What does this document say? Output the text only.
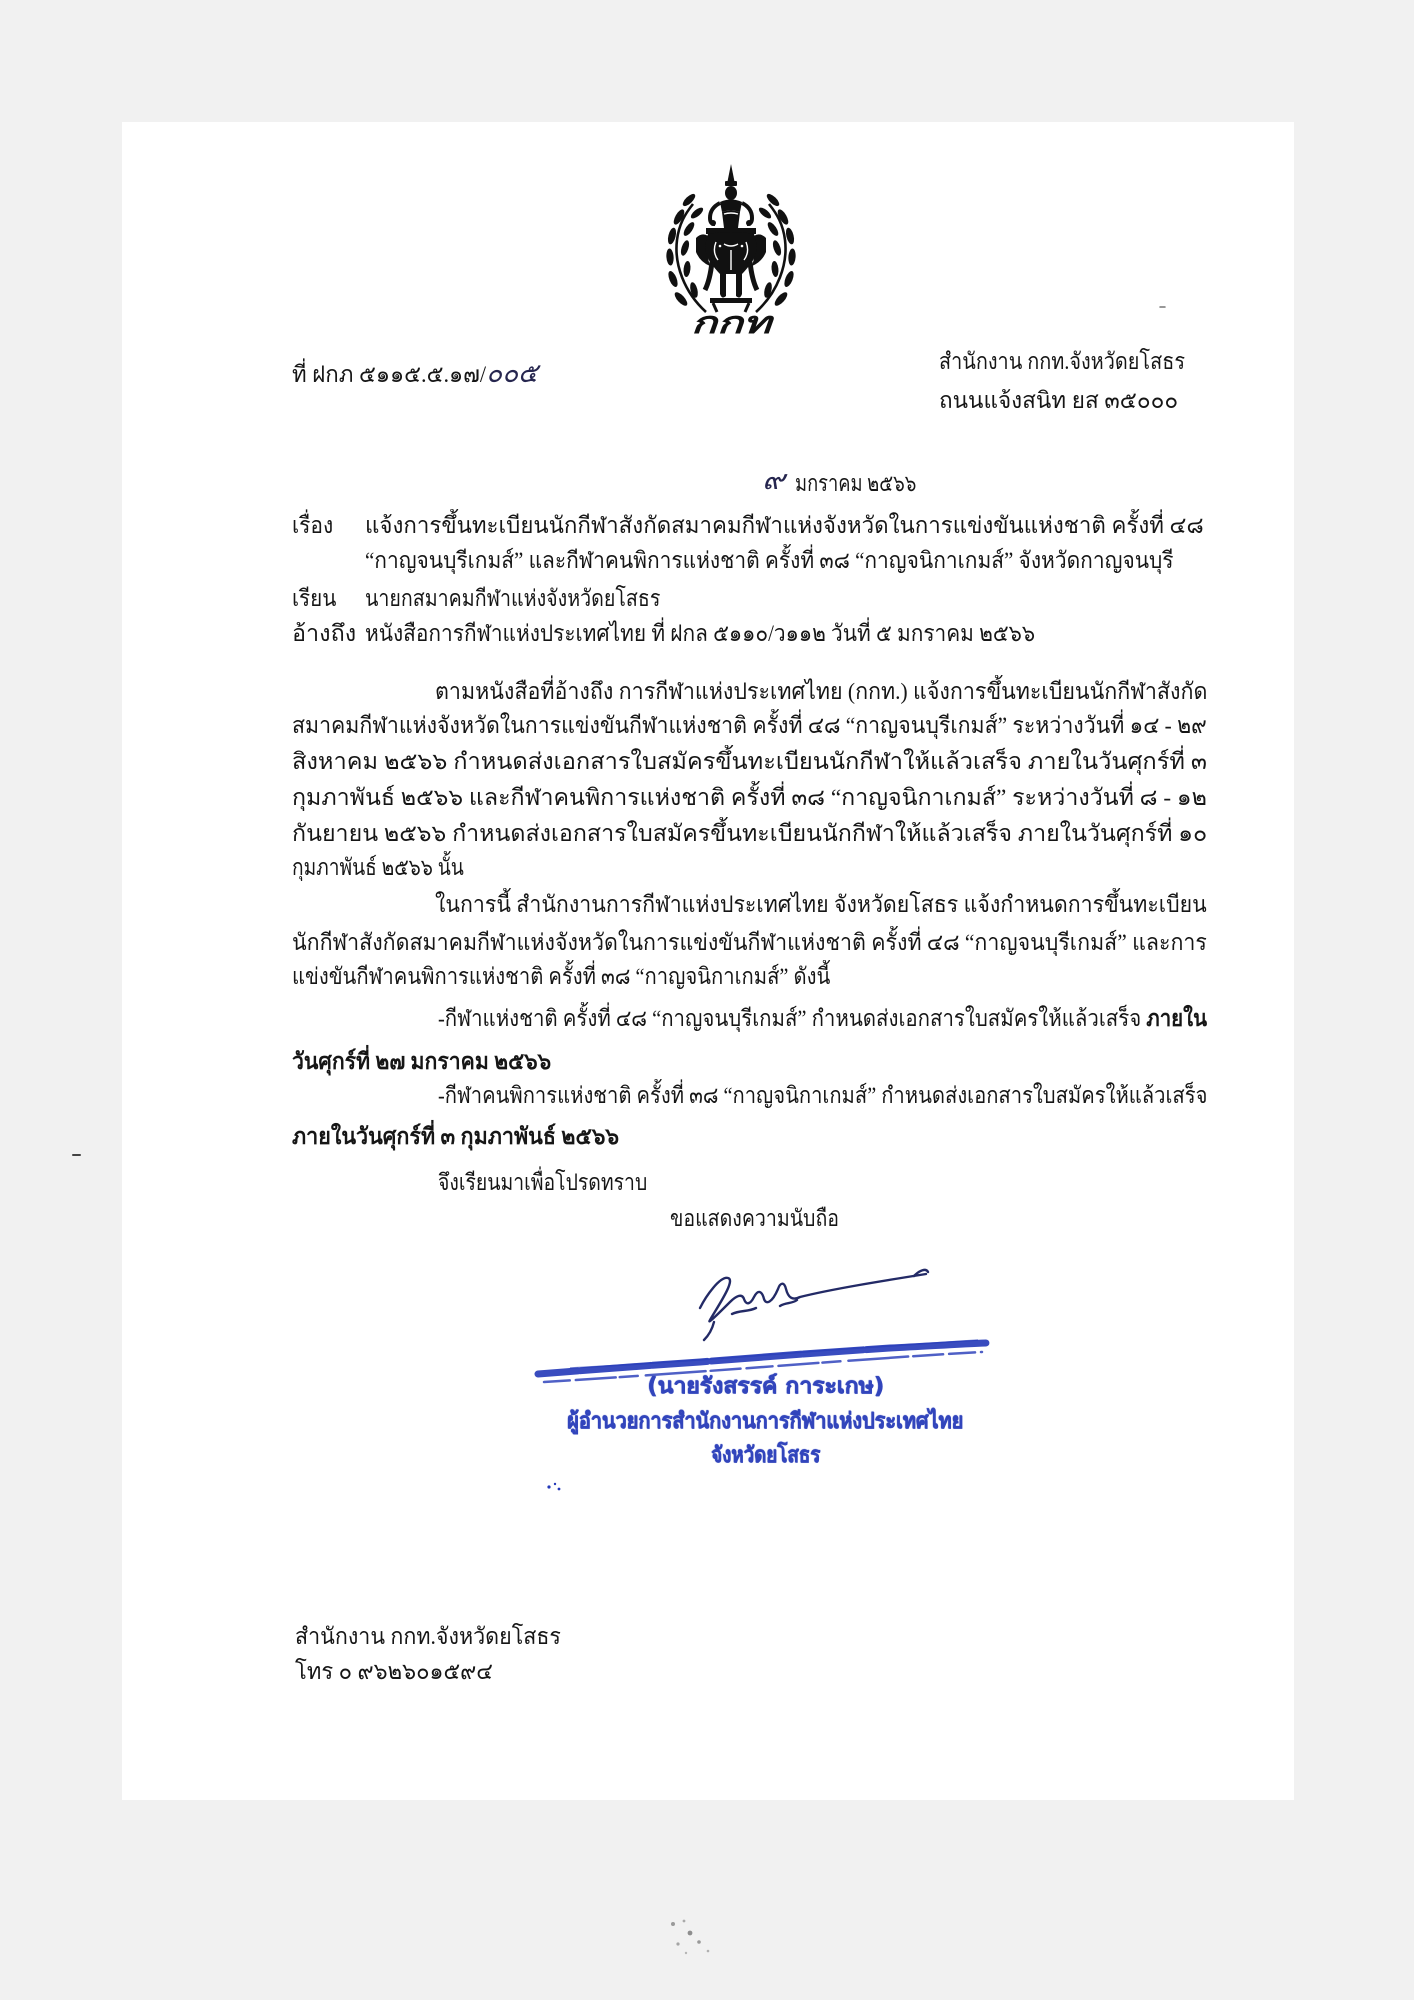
กกท
ที่ ฝกภ ๕๑๑๕.๕.๑๗/๐๐๕	สำนักงาน กกท.จังหวัดยโสธร
ถนนแจ้งสนิท ยส ๓๕๐๐๐
๙ มกราคม ๒๕๖๖
เรื่อง แจ้งการขึ้นทะเบียนนักกีฬาสังกัดสมาคมกีฬาแห่งจังหวัดในการแข่งขันแห่งชาติ ครั้งที่ ๔๘
“กาญจนบุรีเกมส์” และกีฬาคนพิการแห่งชาติ ครั้งที่ ๓๘ “กาญจนิกาเกมส์” จังหวัดกาญจนบุรี
เรียน นายกสมาคมกีฬาแห่งจังหวัดยโสธร
อ้างถึง หนังสือการกีฬาแห่งประเทศไทย ที่ ฝกล ๕๑๑๐/ว๑๑๒ วันที่ ๕ มกราคม ๒๕๖๖
ตามหนังสือที่อ้างถึง การกีฬาแห่งประเทศไทย (กกท.) แจ้งการขึ้นทะเบียนนักกีฬาสังกัด
สมาคมกีฬาแห่งจังหวัดในการแข่งขันกีฬาแห่งชาติ ครั้งที่ ๔๘ “กาญจนบุรีเกมส์” ระหว่างวันที่ ๑๔ - ๒๙
สิงหาคม ๒๕๖๖ กำหนดส่งเอกสารใบสมัครขึ้นทะเบียนนักกีฬาให้แล้วเสร็จ ภายในวันศุกร์ที่ ๓
กุมภาพันธ์ ๒๕๖๖ และกีฬาคนพิการแห่งชาติ ครั้งที่ ๓๘ “กาญจนิกาเกมส์” ระหว่างวันที่ ๘ - ๑๒
กันยายน ๒๕๖๖ กำหนดส่งเอกสารใบสมัครขึ้นทะเบียนนักกีฬาให้แล้วเสร็จ ภายในวันศุกร์ที่ ๑๐
กุมภาพันธ์ ๒๕๖๖ นั้น
ในการนี้ สำนักงานการกีฬาแห่งประเทศไทย จังหวัดยโสธร แจ้งกำหนดการขึ้นทะเบียน
นักกีฬาสังกัดสมาคมกีฬาแห่งจังหวัดในการแข่งขันกีฬาแห่งชาติ ครั้งที่ ๔๘ “กาญจนบุรีเกมส์” และการ
แข่งขันกีฬาคนพิการแห่งชาติ ครั้งที่ ๓๘ “กาญจนิกาเกมส์” ดังนี้
-กีฬาแห่งชาติ ครั้งที่ ๔๘ “กาญจนบุรีเกมส์” กำหนดส่งเอกสารใบสมัครให้แล้วเสร็จ ภายใน
วันศุกร์ที่ ๒๗ มกราคม ๒๕๖๖
-กีฬาคนพิการแห่งชาติ ครั้งที่ ๓๘ “กาญจนิกาเกมส์” กำหนดส่งเอกสารใบสมัครให้แล้วเสร็จ
ภายในวันศุกร์ที่ ๓ กุมภาพันธ์ ๒๕๖๖
จึงเรียนมาเพื่อโปรดทราบ
ขอแสดงความนับถือ
(นายรังสรรค์ การะเกษ)
ผู้อำนวยการสำนักงานการกีฬาแห่งประเทศไทย
จังหวัดยโสธร
สำนักงาน กกท.จังหวัดยโสธร
โทร ๐ ๙๖๒๖๐๑๕๙๔
